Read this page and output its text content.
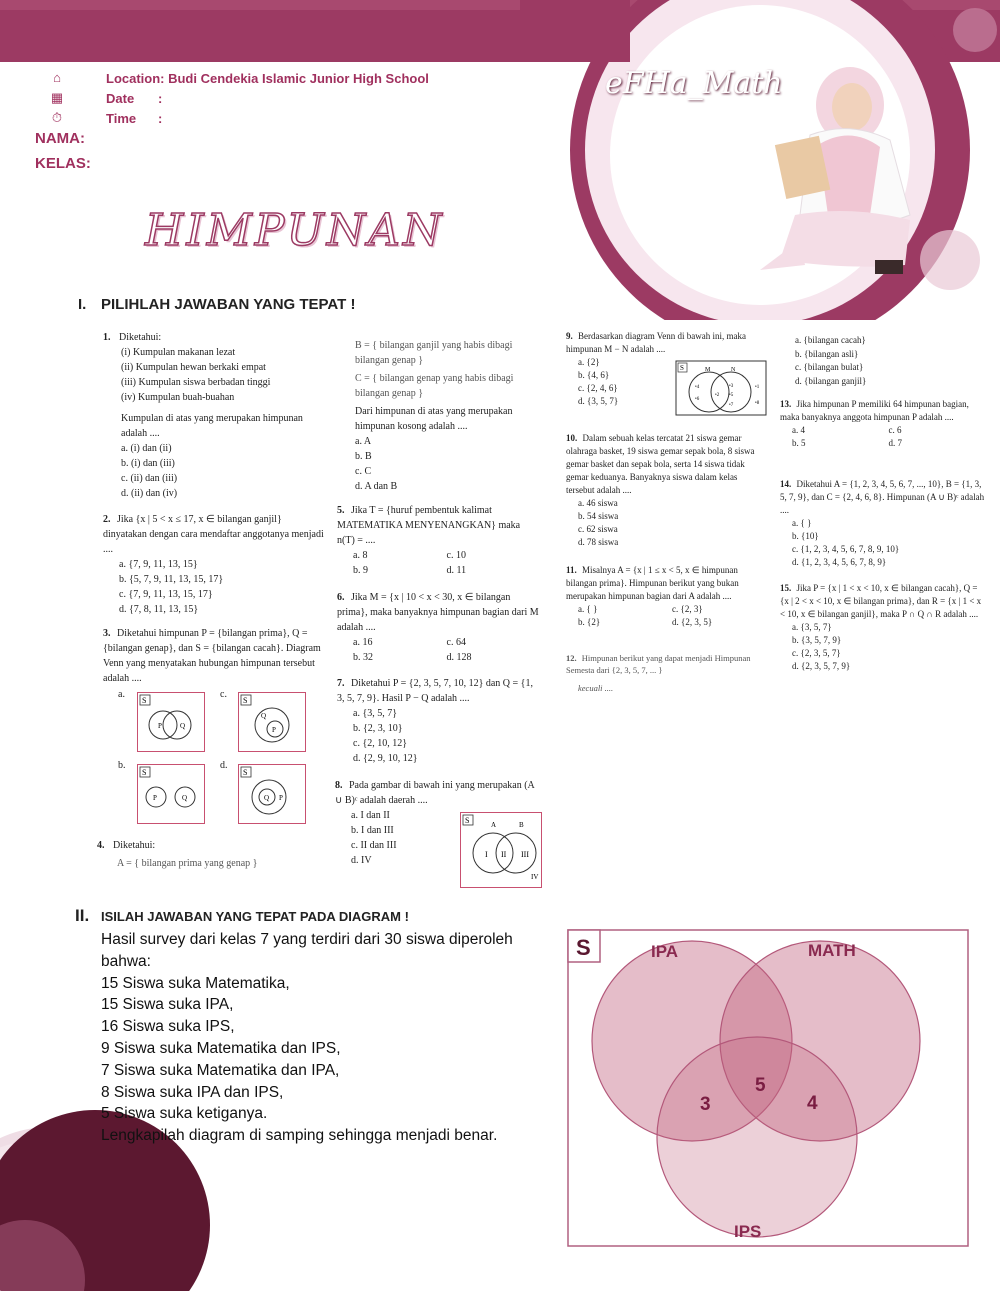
⌂	Location: Budi Cendekia Islamic Junior High School
▦	Date :
⏱	Time :
NAMA:
KELAS:
eFHa_Math
HIMPUNAN
I. PILIHLAH JAWABAN YANG TEPAT !
1. Diketahui:
(i) Kumpulan makanan lezat
(ii) Kumpulan hewan berkaki empat
(iii) Kumpulan siswa berbadan tinggi
(iv) Kumpulan buah-buahan
Kumpulan di atas yang merupakan himpunan adalah ....
a. (i) dan (ii)
b. (i) dan (iii)
c. (ii) dan (iii)
d. (ii) dan (iv)
2. Jika {x | 5 < x ≤ 17, x ∈ bilangan ganjil} dinyatakan dengan cara mendaftar anggotanya menjadi ....
a. {7, 9, 11, 13, 15}
b. {5, 7, 9, 11, 13, 15, 17}
c. {7, 9, 11, 13, 15, 17}
d. {7, 8, 11, 13, 15}
3. Diketahui himpunan P = {bilangan prima}, Q = {bilangan genap}, dan S = {bilangan cacah}. Diagram Venn yang menyatakan hubungan himpunan tersebut adalah ....
a.
S
P	Q
c.
S
Q
P
b.
S
P	Q
d.
S
Q P
4. Diketahui:
A = { bilangan prima yang genap }
B = { bilangan ganjil yang habis dibagi bilangan genap }
C = { bilangan genap yang habis dibagi bilangan genap }
Dari himpunan di atas yang merupakan himpunan kosong adalah ....
a. A
b. B
c. C
d. A dan B
5. Jika T = {huruf pembentuk kalimat MATEMATIKA MENYENANGKAN} maka n(T) = ....
a. 8	c. 10
b. 9	d. 11
6. Jika M = {x | 10 < x < 30, x ∈ bilangan prima}, maka banyaknya himpunan bagian dari M adalah ....
a. 16	c. 64
b. 32	d. 128
7. Diketahui P = {2, 3, 5, 7, 10, 12} dan Q = {1, 3, 5, 7, 9}. Hasil P − Q adalah ....
a. {3, 5, 7}
b. {2, 3, 10}
c. {2, 10, 12}
d. {2, 9, 10, 12}
8. Pada gambar di bawah ini yang merupakan (A ∪ B)ᶜ adalah daerah ....
a. I dan II
b. I dan III
c. II dan III
d. IV
S	A	B
I II III
IV
9. Berdasarkan diagram Venn di bawah ini, maka himpunan M − N adalah ....
a. {2}
b. {4, 6}
c. {2, 4, 6}
d. {3, 5, 7}
S	M	N
•4
•6
•2
•3
•5
•7
•1
•8
10. Dalam sebuah kelas tercatat 21 siswa gemar olahraga basket, 19 siswa gemar sepak bola, 8 siswa gemar basket dan sepak bola, serta 14 siswa tidak gemar keduanya. Banyaknya siswa dalam kelas tersebut adalah ....
a. 46 siswa
b. 54 siswa
c. 62 siswa
d. 78 siswa
11. Misalnya A = {x | 1 ≤ x < 5, x ∈ himpunan bilangan prima}. Himpunan berikut yang bukan merupakan himpunan bagian dari A adalah ....
a. { }	c. {2, 3}
b. {2}	d. {2, 3, 5}
12. Himpunan berikut yang dapat menjadi Himpunan Semesta dari {2, 3, 5, 7, ... }
kecuali ....
a. {bilangan cacah}
b. {bilangan asli}
c. {bilangan bulat}
d. {bilangan ganjil}
13. Jika himpunan P memiliki 64 himpunan bagian, maka banyaknya anggota himpunan P adalah ....
a. 4	c. 6
b. 5	d. 7
14. Diketahui A = {1, 2, 3, 4, 5, 6, 7, ..., 10}, B = {1, 3, 5, 7, 9}, dan C = {2, 4, 6, 8}. Himpunan (A ∪ B)ᶜ adalah ....
a. { }
b. {10}
c. {1, 2, 3, 4, 5, 6, 7, 8, 9, 10}
d. {1, 2, 3, 4, 5, 6, 7, 8, 9}
15. Jika P = {x | 1 < x < 10, x ∈ bilangan cacah}, Q = {x | 2 < x < 10, x ∈ bilangan prima}, dan R = {x | 1 < x < 10, x ∈ bilangan ganjil}, maka P ∩ Q ∩ R adalah ....
a. {3, 5, 7}
b. {3, 5, 7, 9}
c. {2, 3, 5, 7}
d. {2, 3, 5, 7, 9}
II. ISILAH JAWABAN YANG TEPAT PADA DIAGRAM !
Hasil survey dari kelas 7 yang terdiri dari 30 siswa diperoleh
bahwa:
15 Siswa suka Matematika,
15 Siswa suka IPA,
16 Siswa suka IPS,
9 Siswa suka Matematika dan IPS,
7 Siswa suka Matematika dan IPA,
8 Siswa suka IPA dan IPS,
5 Siswa suka ketiganya.
Lengkapilah diagram di samping sehingga menjadi benar.
S	IPA	MATH
IPS
5
3	4
